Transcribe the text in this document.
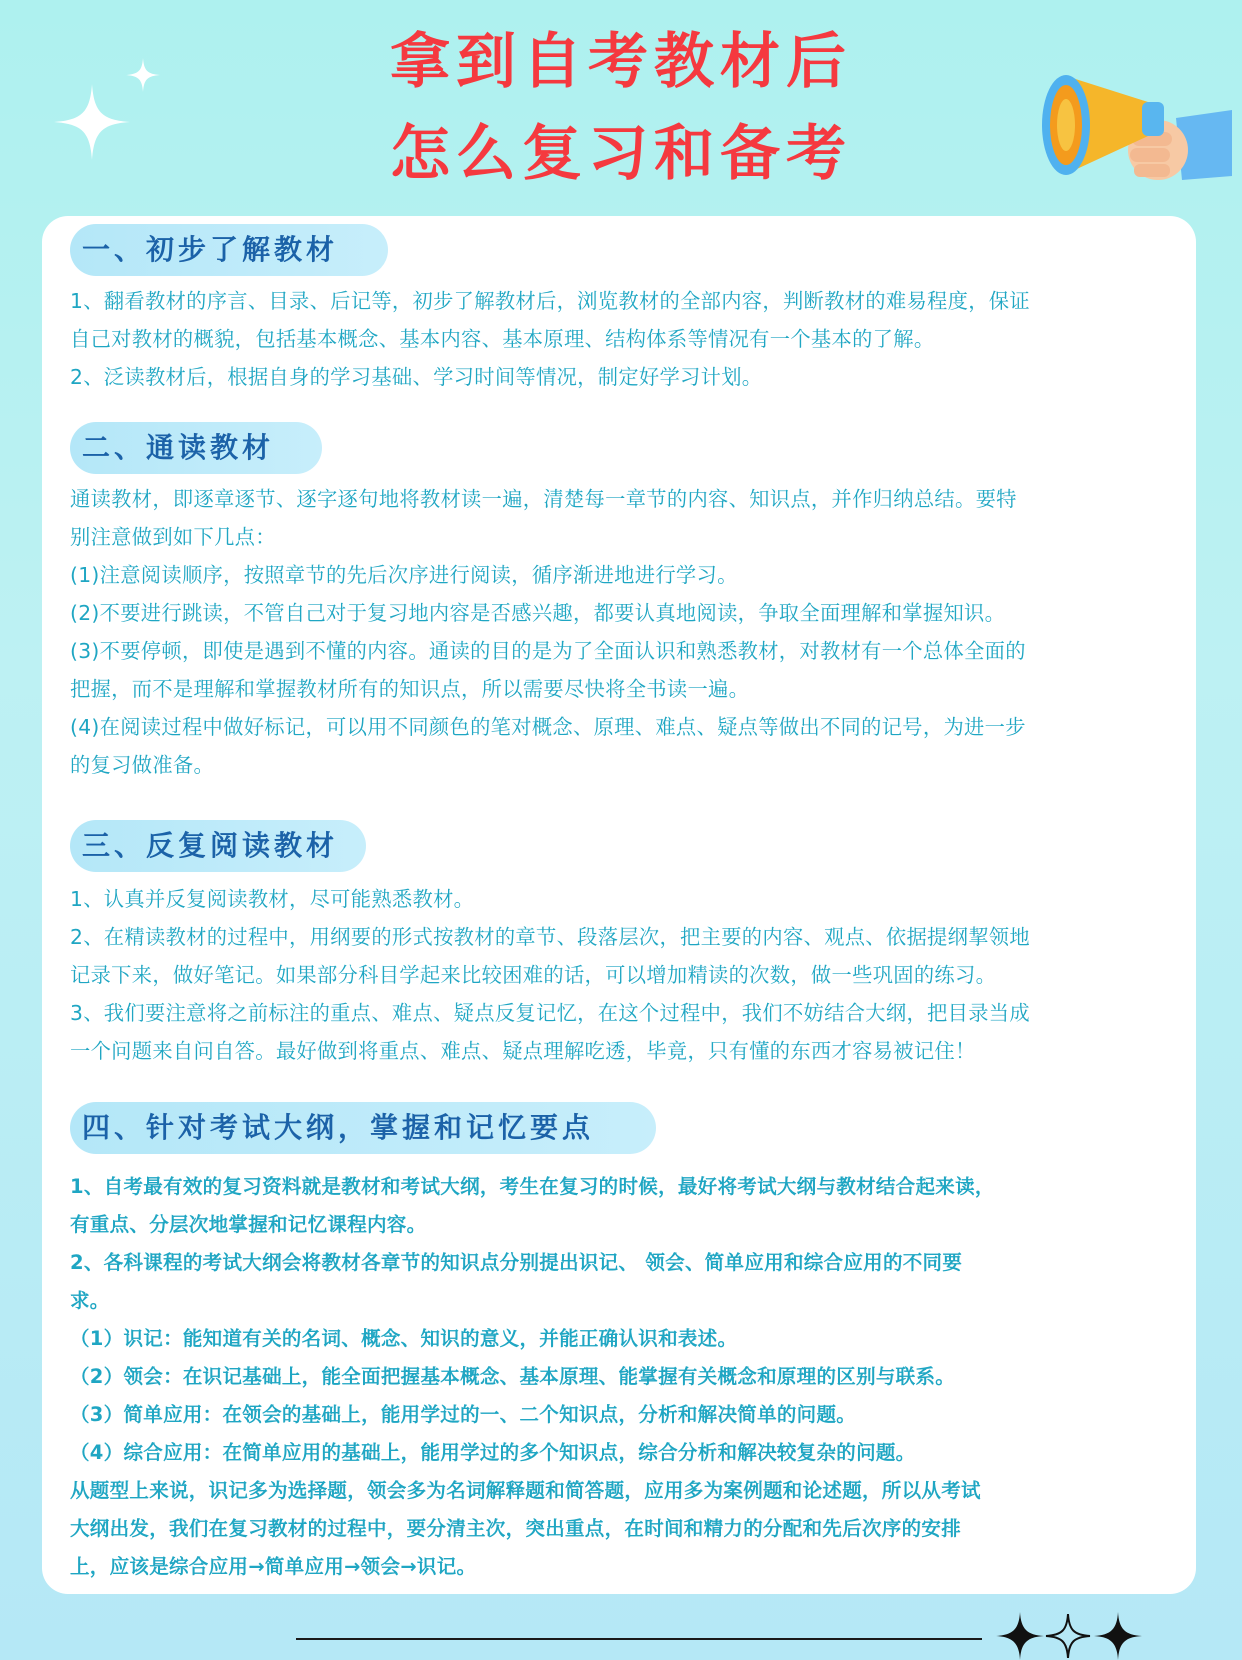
拿到自考教材后
怎么复习和备考
一、初步了解教材

1、翻看教材的序言、目录、后记等，初步了解教材后，浏览教材的全部内容，判断教材的难易程度，保证
自己对教材的概貌，包括基本概念、基本内容、基本原理、结构体系等情况有一个基本的了解。
2、泛读教材后，根据自身的学习基础、学习时间等情况，制定好学习计划。

二、通读教材

通读教材，即逐章逐节、逐字逐句地将教材读一遍，清楚每一章节的内容、知识点，并作归纳总结。要特
别注意做到如下几点：
(1)注意阅读顺序，按照章节的先后次序进行阅读，循序渐进地进行学习。
(2)不要进行跳读，不管自己对于复习地内容是否感兴趣，都要认真地阅读，争取全面理解和掌握知识。
(3)不要停顿，即使是遇到不懂的内容。通读的目的是为了全面认识和熟悉教材，对教材有一个总体全面的
把握，而不是理解和掌握教材所有的知识点，所以需要尽快将全书读一遍。
(4)在阅读过程中做好标记，可以用不同颜色的笔对概念、原理、难点、疑点等做出不同的记号，为进一步
的复习做准备。

三、反复阅读教材

1、认真并反复阅读教材，尽可能熟悉教材。
2、在精读教材的过程中，用纲要的形式按教材的章节、段落层次，把主要的内容、观点、依据提纲挈领地
记录下来，做好笔记。如果部分科目学起来比较困难的话，可以增加精读的次数，做一些巩固的练习。
3、我们要注意将之前标注的重点、难点、疑点反复记忆，在这个过程中，我们不妨结合大纲，把目录当成
一个问题来自问自答。最好做到将重点、难点、疑点理解吃透，毕竟，只有懂的东西才容易被记住！

四、针对考试大纲，掌握和记忆要点

1、自考最有效的复习资料就是教材和考试大纲，考生在复习的时候，最好将考试大纲与教材结合起来读，
有重点、分层次地掌握和记忆课程内容。
2、各科课程的考试大纲会将教材各章节的知识点分别提出识记、 领会、简单应用和综合应用的不同要
求。
（1）识记：能知道有关的名词、概念、知识的意义，并能正确认识和表述。
（2）领会：在识记基础上，能全面把握基本概念、基本原理、能掌握有关概念和原理的区别与联系。
（3）简单应用：在领会的基础上，能用学过的一、二个知识点，分析和解决简单的问题。
（4）综合应用：在简单应用的基础上，能用学过的多个知识点，综合分析和解决较复杂的问题。
从题型上来说，识记多为选择题，领会多为名词解释题和简答题，应用多为案例题和论述题，所以从考试
大纲出发，我们在复习教材的过程中，要分清主次，突出重点，在时间和精力的分配和先后次序的安排
上，应该是综合应用→简单应用→领会→识记。
